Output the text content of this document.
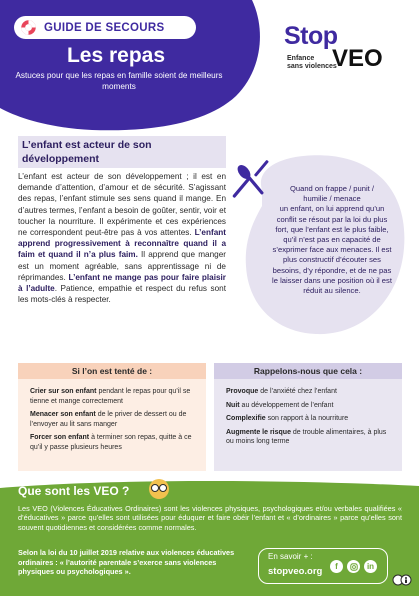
GUIDE DE SECOURS
Les repas
Astuces pour que les repas en famille soient de meilleurs moments
Stop
Enfance
sans violences
VEO
L’enfant est acteur de son
développement

L’enfant est acteur de son développement ; il est en demande d’attention, d’amour et de sécurité. S’agissant des repas, l’enfant stimule ses sens quand il mange. En d’autres termes, l’enfant a besoin de goûter, sentir, voir et toucher la nourriture. Il expérimente et ces expériences ne correspondent peut-être pas à vos attentes. L’enfant apprend progressivement à reconnaître quand il a faim et quand il n’a plus faim. Il apprend que manger est un moment agréable, sans apprentissage ni de réprimandes. L’enfant ne mange pas pour faire plaisir à l’adulte. Patience, empathie et respect du refus sont les mots-clés à respecter.

Quand on frappe / punit /
humilie / menace
un enfant, on lui apprend qu’un
conflit se résout par la loi du plus
fort, que l’enfant est le plus faible,
qu’il n’est pas en capacité de
s’exprimer face aux menaces. Il est
plus constructif d’écouter ses
besoins, d’y répondre, et de ne pas
le laisser dans une position où il est
réduit au silence.
Si l’on est tenté de :

Crier sur son enfant pendant le repas pour qu’il se tienne et mange correctement

Menacer son enfant de le priver de dessert ou de l’envoyer au lit sans manger

Forcer son enfant à terminer son repas, quitte à ce qu’il y passe plusieurs heures

Rappelons-nous que cela :

Provoque de l’anxiété chez l’enfant

Nuit au développement de l’enfant

Complexifie son rapport à la nourriture

Augmente le risque de trouble alimentaires, à plus ou moins long terme

Que sont les VEO ?
Les VEO (Violences Éducatives Ordinaires) sont les violences physiques, psychologiques et/ou verbales qualifiées « d’éducatives » parce qu’elles sont utilisées pour éduquer et faire obéir l’enfant et « d’ordinaires » parce qu’elles sont souvent quotidiennes et considérées comme normales.
Selon la loi du 10 juillet 2019 relative aux violences éducatives ordinaires : « l’autorité parentale s’exerce sans violences physiques ou psychologiques ».
En savoir + :
stopveo.org	f	in
